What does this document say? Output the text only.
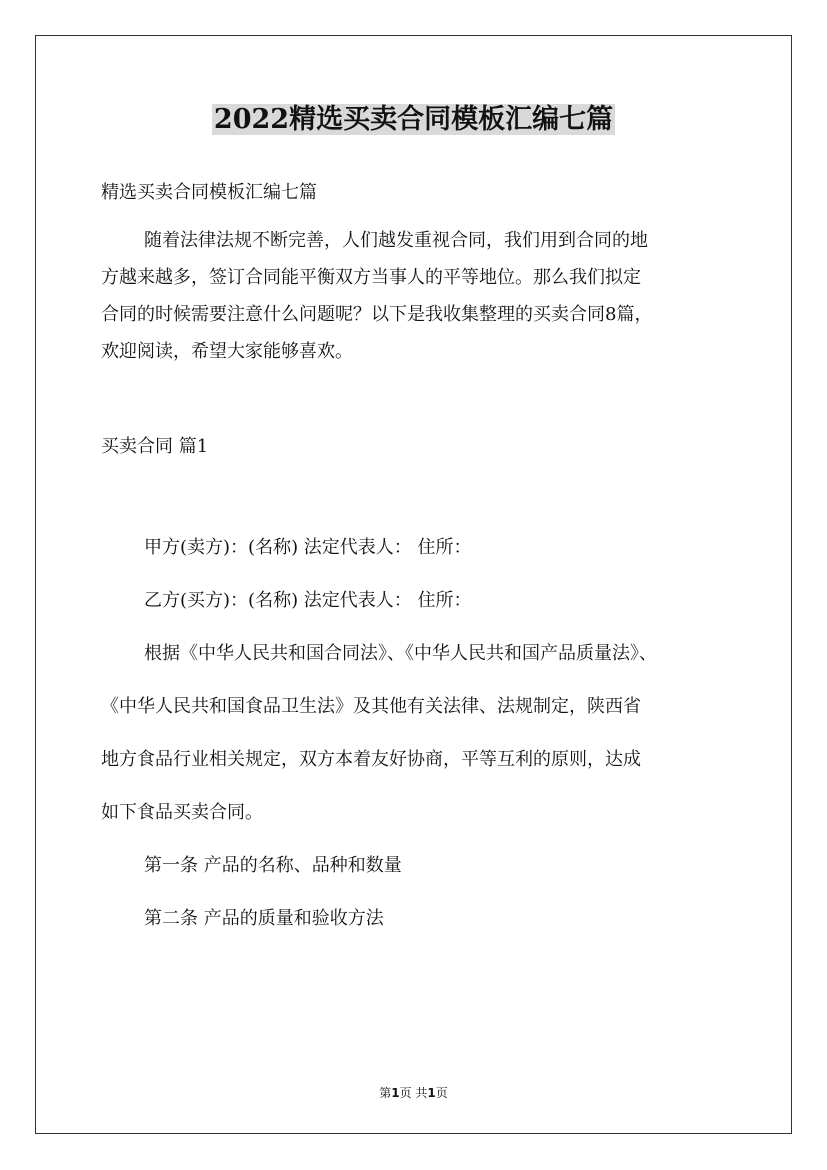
2022精选买卖合同模板汇编七篇

精选买卖合同模板汇编七篇

随着法律法规不断完善，人们越发重视合同，我们用到合同的地

方越来越多，签订合同能平衡双方当事人的平等地位。那么我们拟定

合同的时候需要注意什么问题呢？以下是我收集整理的买卖合同8篇，

欢迎阅读，希望大家能够喜欢。

买卖合同 篇1

甲方(卖方)：(名称) 法定代表人： 住所：

乙方(买方)：(名称) 法定代表人： 住所：

根据《中华人民共和国合同法》、《中华人民共和国产品质量法》、

《中华人民共和国食品卫生法》及其他有关法律、法规制定，陕西省

地方食品行业相关规定，双方本着友好协商，平等互利的原则，达成

如下食品买卖合同。

第一条 产品的名称、品种和数量

第二条 产品的质量和验收方法

第1页 共1页
